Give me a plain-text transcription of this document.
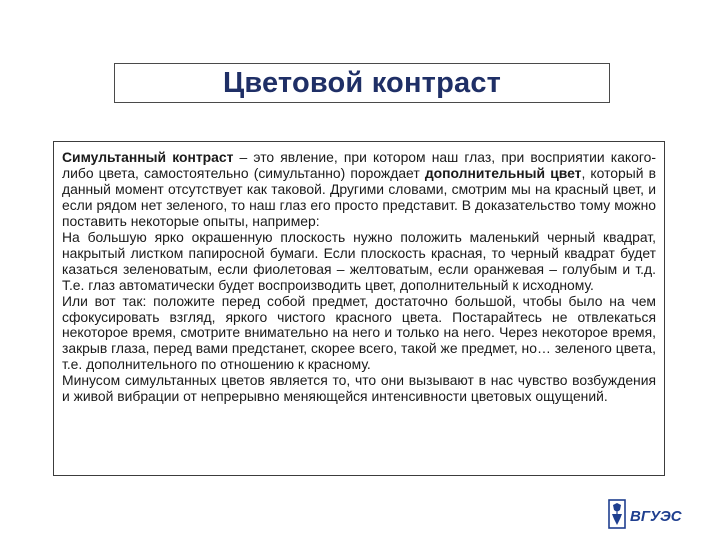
Цветовой контраст

Симультанный контраст – это явление, при котором наш глаз, при восприятии какого-либо цвета, самостоятельно (симультанно) порождает дополнительный цвет, который в данный момент отсутствует как таковой. Другими словами, смотрим мы на красный цвет, и если рядом нет зеленого, то наш глаз его просто представит. В доказательство тому можно поставить некоторые опыты, например:

На большую ярко окрашенную плоскость нужно положить маленький черный квадрат, накрытый листком папиросной бумаги. Если плоскость красная, то черный квадрат будет казаться зеленоватым, если фиолетовая – желтоватым, если оранжевая – голубым и т.д. Т.е. глаз автоматически будет воспроизводить цвет, дополнительный к исходному.

Или вот так: положите перед собой предмет, достаточно большой, чтобы было на чем сфокусировать взгляд, яркого чистого красного цвета. Постарайтесь не отвлекаться некоторое время, смотрите внимательно на него и только на него. Через некоторое время, закрыв глаза, перед вами предстанет, скорее всего, такой же предмет, но… зеленого цвета, т.е. дополнительного по отношению к красному.

Минусом симультанных цветов является то, что они вызывают в нас чувство возбуждения и живой вибрации от непрерывно меняющейся интенсивности цветовых ощущений.

ВГУЭС
